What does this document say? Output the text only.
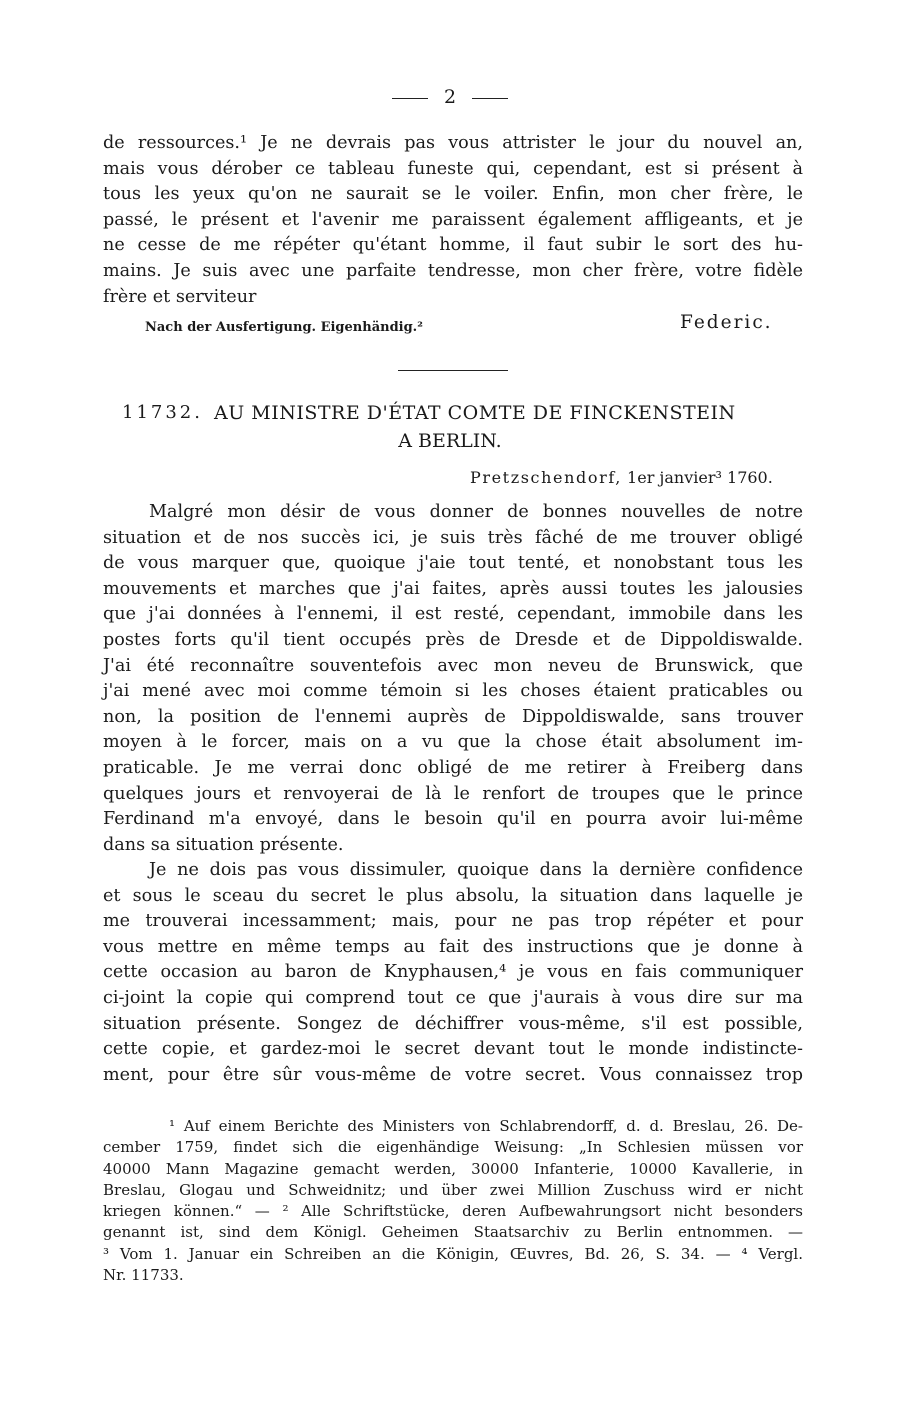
2
de ressources.¹ Je ne devrais pas vous attrister le jour du nouvel an,
mais vous dérober ce tableau funeste qui, cependant, est si présent à
tous les yeux qu'on ne saurait se le voiler. Enfin, mon cher frère, le
passé, le présent et l'avenir me paraissent également affligeants, et je
ne cesse de me répéter qu'étant homme, il faut subir le sort des hu-
mains. Je suis avec une parfaite tendresse, mon cher frère, votre fidèle
frère et serviteur
Nach der Ausfertigung. Eigenhändig.²	Federic.
11732. AU MINISTRE D'ÉTAT COMTE DE FINCKENSTEIN
A BERLIN.
Pretzschendorf, 1er janvier³ 1760.
Malgré mon désir de vous donner de bonnes nouvelles de notre
situation et de nos succès ici, je suis très fâché de me trouver obligé
de vous marquer que, quoique j'aie tout tenté, et nonobstant tous les
mouvements et marches que j'ai faites, après aussi toutes les jalousies
que j'ai données à l'ennemi, il est resté, cependant, immobile dans les
postes forts qu'il tient occupés près de Dresde et de Dippoldiswalde.
J'ai été reconnaître souventefois avec mon neveu de Brunswick, que
j'ai mené avec moi comme témoin si les choses étaient praticables ou
non, la position de l'ennemi auprès de Dippoldiswalde, sans trouver
moyen à le forcer, mais on a vu que la chose était absolument im-
praticable. Je me verrai donc obligé de me retirer à Freiberg dans
quelques jours et renvoyerai de là le renfort de troupes que le prince
Ferdinand m'a envoyé, dans le besoin qu'il en pourra avoir lui-même
dans sa situation présente.
Je ne dois pas vous dissimuler, quoique dans la dernière confidence
et sous le sceau du secret le plus absolu, la situation dans laquelle je
me trouverai incessamment; mais, pour ne pas trop répéter et pour
vous mettre en même temps au fait des instructions que je donne à
cette occasion au baron de Knyphausen,⁴ je vous en fais communiquer
ci-joint la copie qui comprend tout ce que j'aurais à vous dire sur ma
situation présente. Songez de déchiffrer vous-même, s'il est possible,
cette copie, et gardez-moi le secret devant tout le monde indistincte-
ment, pour être sûr vous-même de votre secret. Vous connaissez trop
¹ Auf einem Berichte des Ministers von Schlabrendorff, d. d. Breslau, 26. De-
cember 1759, findet sich die eigenhändige Weisung: „In Schlesien müssen vor
40000 Mann Magazine gemacht werden, 30000 Infanterie, 10000 Kavallerie, in
Breslau, Glogau und Schweidnitz; und über zwei Million Zuschuss wird er nicht
kriegen können.“ — ² Alle Schriftstücke, deren Aufbewahrungsort nicht besonders
genannt ist, sind dem Königl. Geheimen Staatsarchiv zu Berlin entnommen. —
³ Vom 1. Januar ein Schreiben an die Königin, Œuvres, Bd. 26, S. 34. — ⁴ Vergl.
Nr. 11733.
